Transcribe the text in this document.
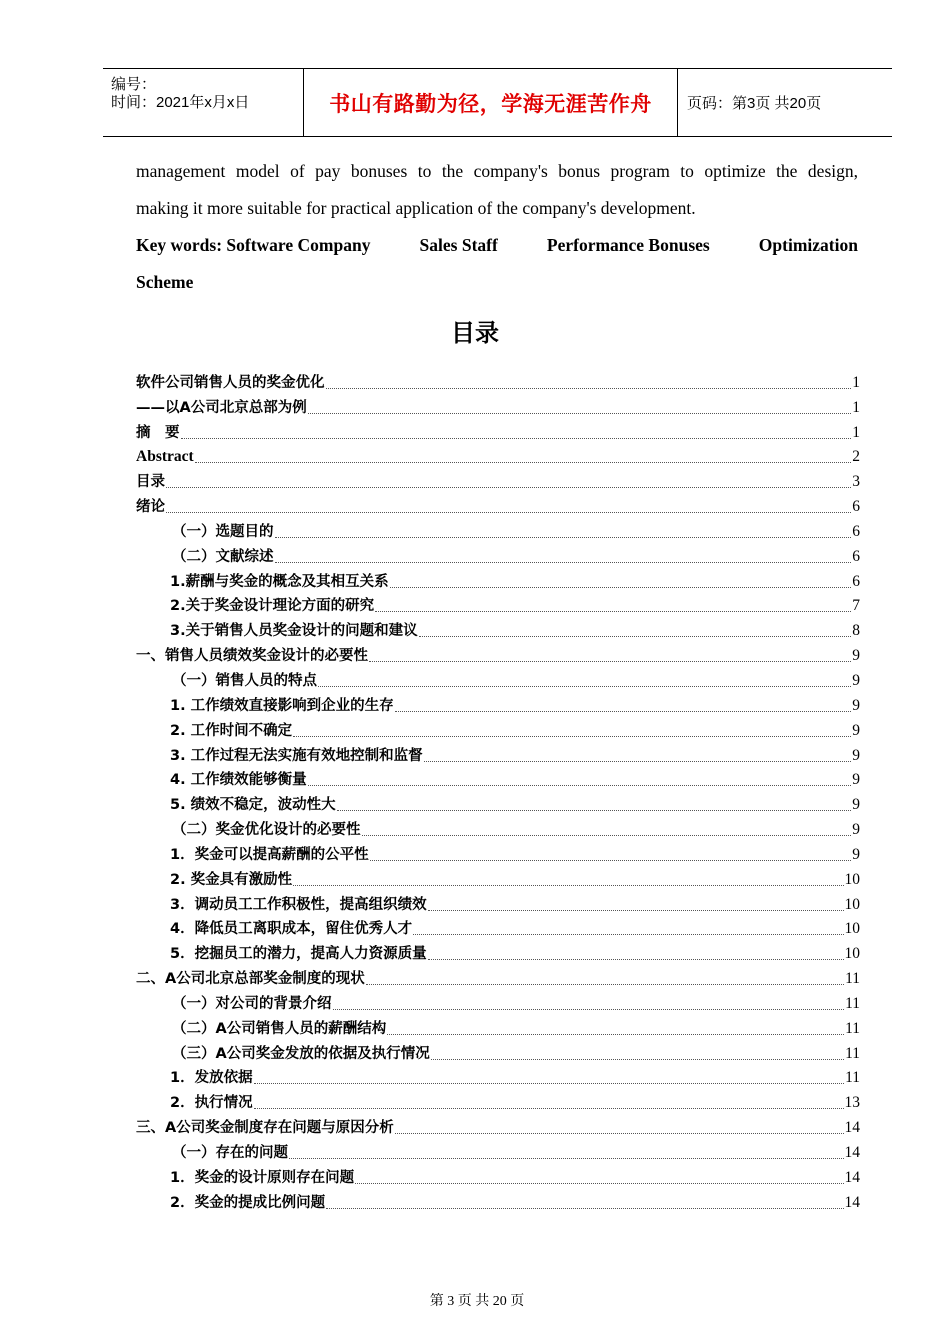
编号：
时间：2021年x月x日	书山有路勤为径，学海无涯苦作舟	页码：第3页 共20页
management model of pay bonuses to the company's bonus program to optimize the design,
making it more suitable for practical application of the company's development.
Key words: Software Company	Sales Staff	Performance Bonuses	Optimization
Scheme
目录
软件公司销售人员的奖金优化	1
——以A公司北京总部为例	1
摘　要	1
Abstract	2
目录	3
绪论	6
（一）选题目的	6
（二）文献综述	6
1.薪酬与奖金的概念及其相互关系	6
2.关于奖金设计理论方面的研究	7
3.关于销售人员奖金设计的问题和建议	8
一、销售人员绩效奖金设计的必要性	9
（一）销售人员的特点	9
1. 工作绩效直接影响到企业的生存	9
2. 工作时间不确定	9
3. 工作过程无法实施有效地控制和监督	9
4. 工作绩效能够衡量	9
5. 绩效不稳定，波动性大	9
（二）奖金优化设计的必要性	9
1．奖金可以提高薪酬的公平性	9
2. 奖金具有激励性	10
3．调动员工工作积极性，提高组织绩效	10
4．降低员工离职成本，留住优秀人才	10
5．挖掘员工的潜力，提高人力资源质量	10
二、A公司北京总部奖金制度的现状	11
（一）对公司的背景介绍	11
（二）A公司销售人员的薪酬结构	11
（三）A公司奖金发放的依据及执行情况	11
1．发放依据	11
2．执行情况	13
三、A公司奖金制度存在问题与原因分析	14
（一）存在的问题	14
1．奖金的设计原则存在问题	14
2．奖金的提成比例问题	14
第 3 页 共 20 页
